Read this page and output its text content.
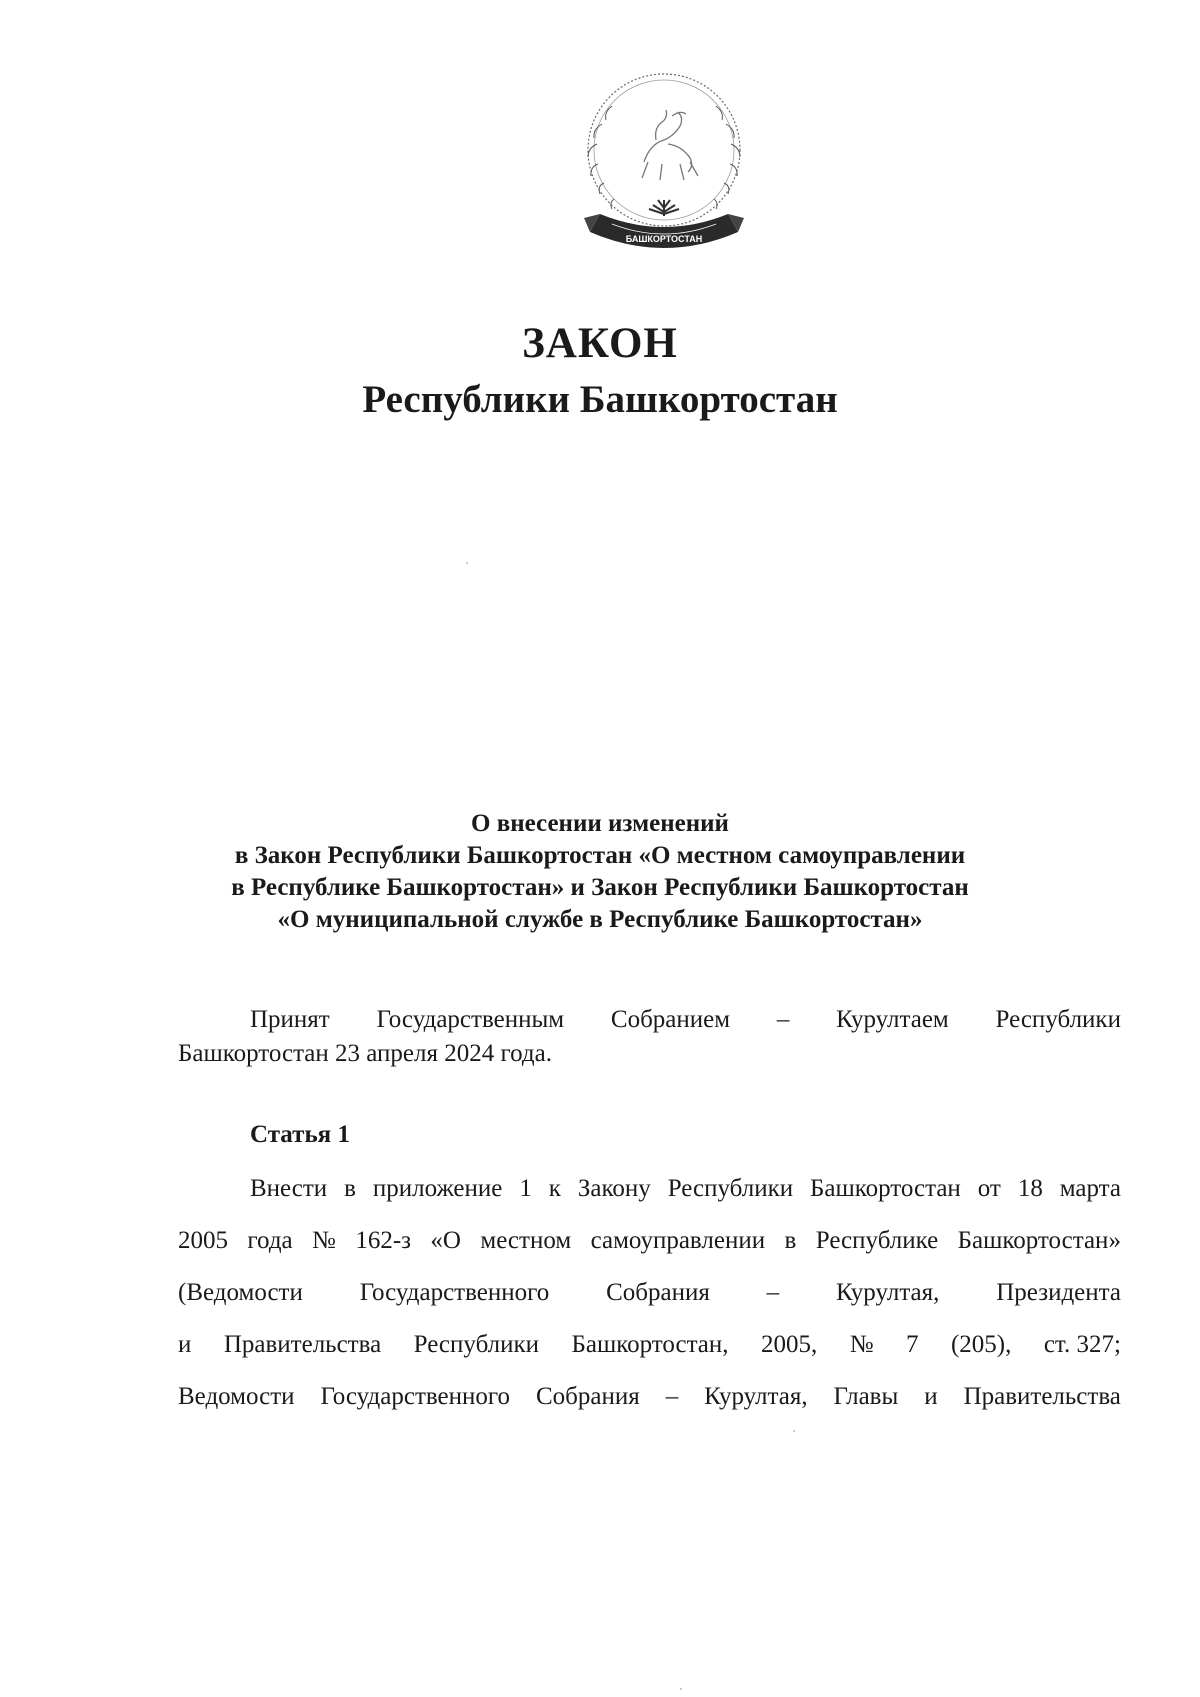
БАШКОРТОСТАН
ЗАКОН
Республики Башкортостан
О внесении изменений
в Закон Республики Башкортостан «О местном самоуправлении
в Республике Башкортостан» и Закон Республики Башкортостан
«О муниципальной службе в Республике Башкортостан»
Принят Государственным Собранием – Курултаем Республики
Башкортостан 23 апреля 2024 года.
Статья 1
Внести в приложение 1 к Закону Республики Башкортостан от 18 марта
2005 года № 162-з «О местном самоуправлении в Республике Башкортостан»
(Ведомости Государственного Собрания – Курултая, Президента
и Правительства Республики Башкортостан, 2005, № 7 (205), ст. 327;
Ведомости Государственного Собрания – Курултая, Главы и Правительства
